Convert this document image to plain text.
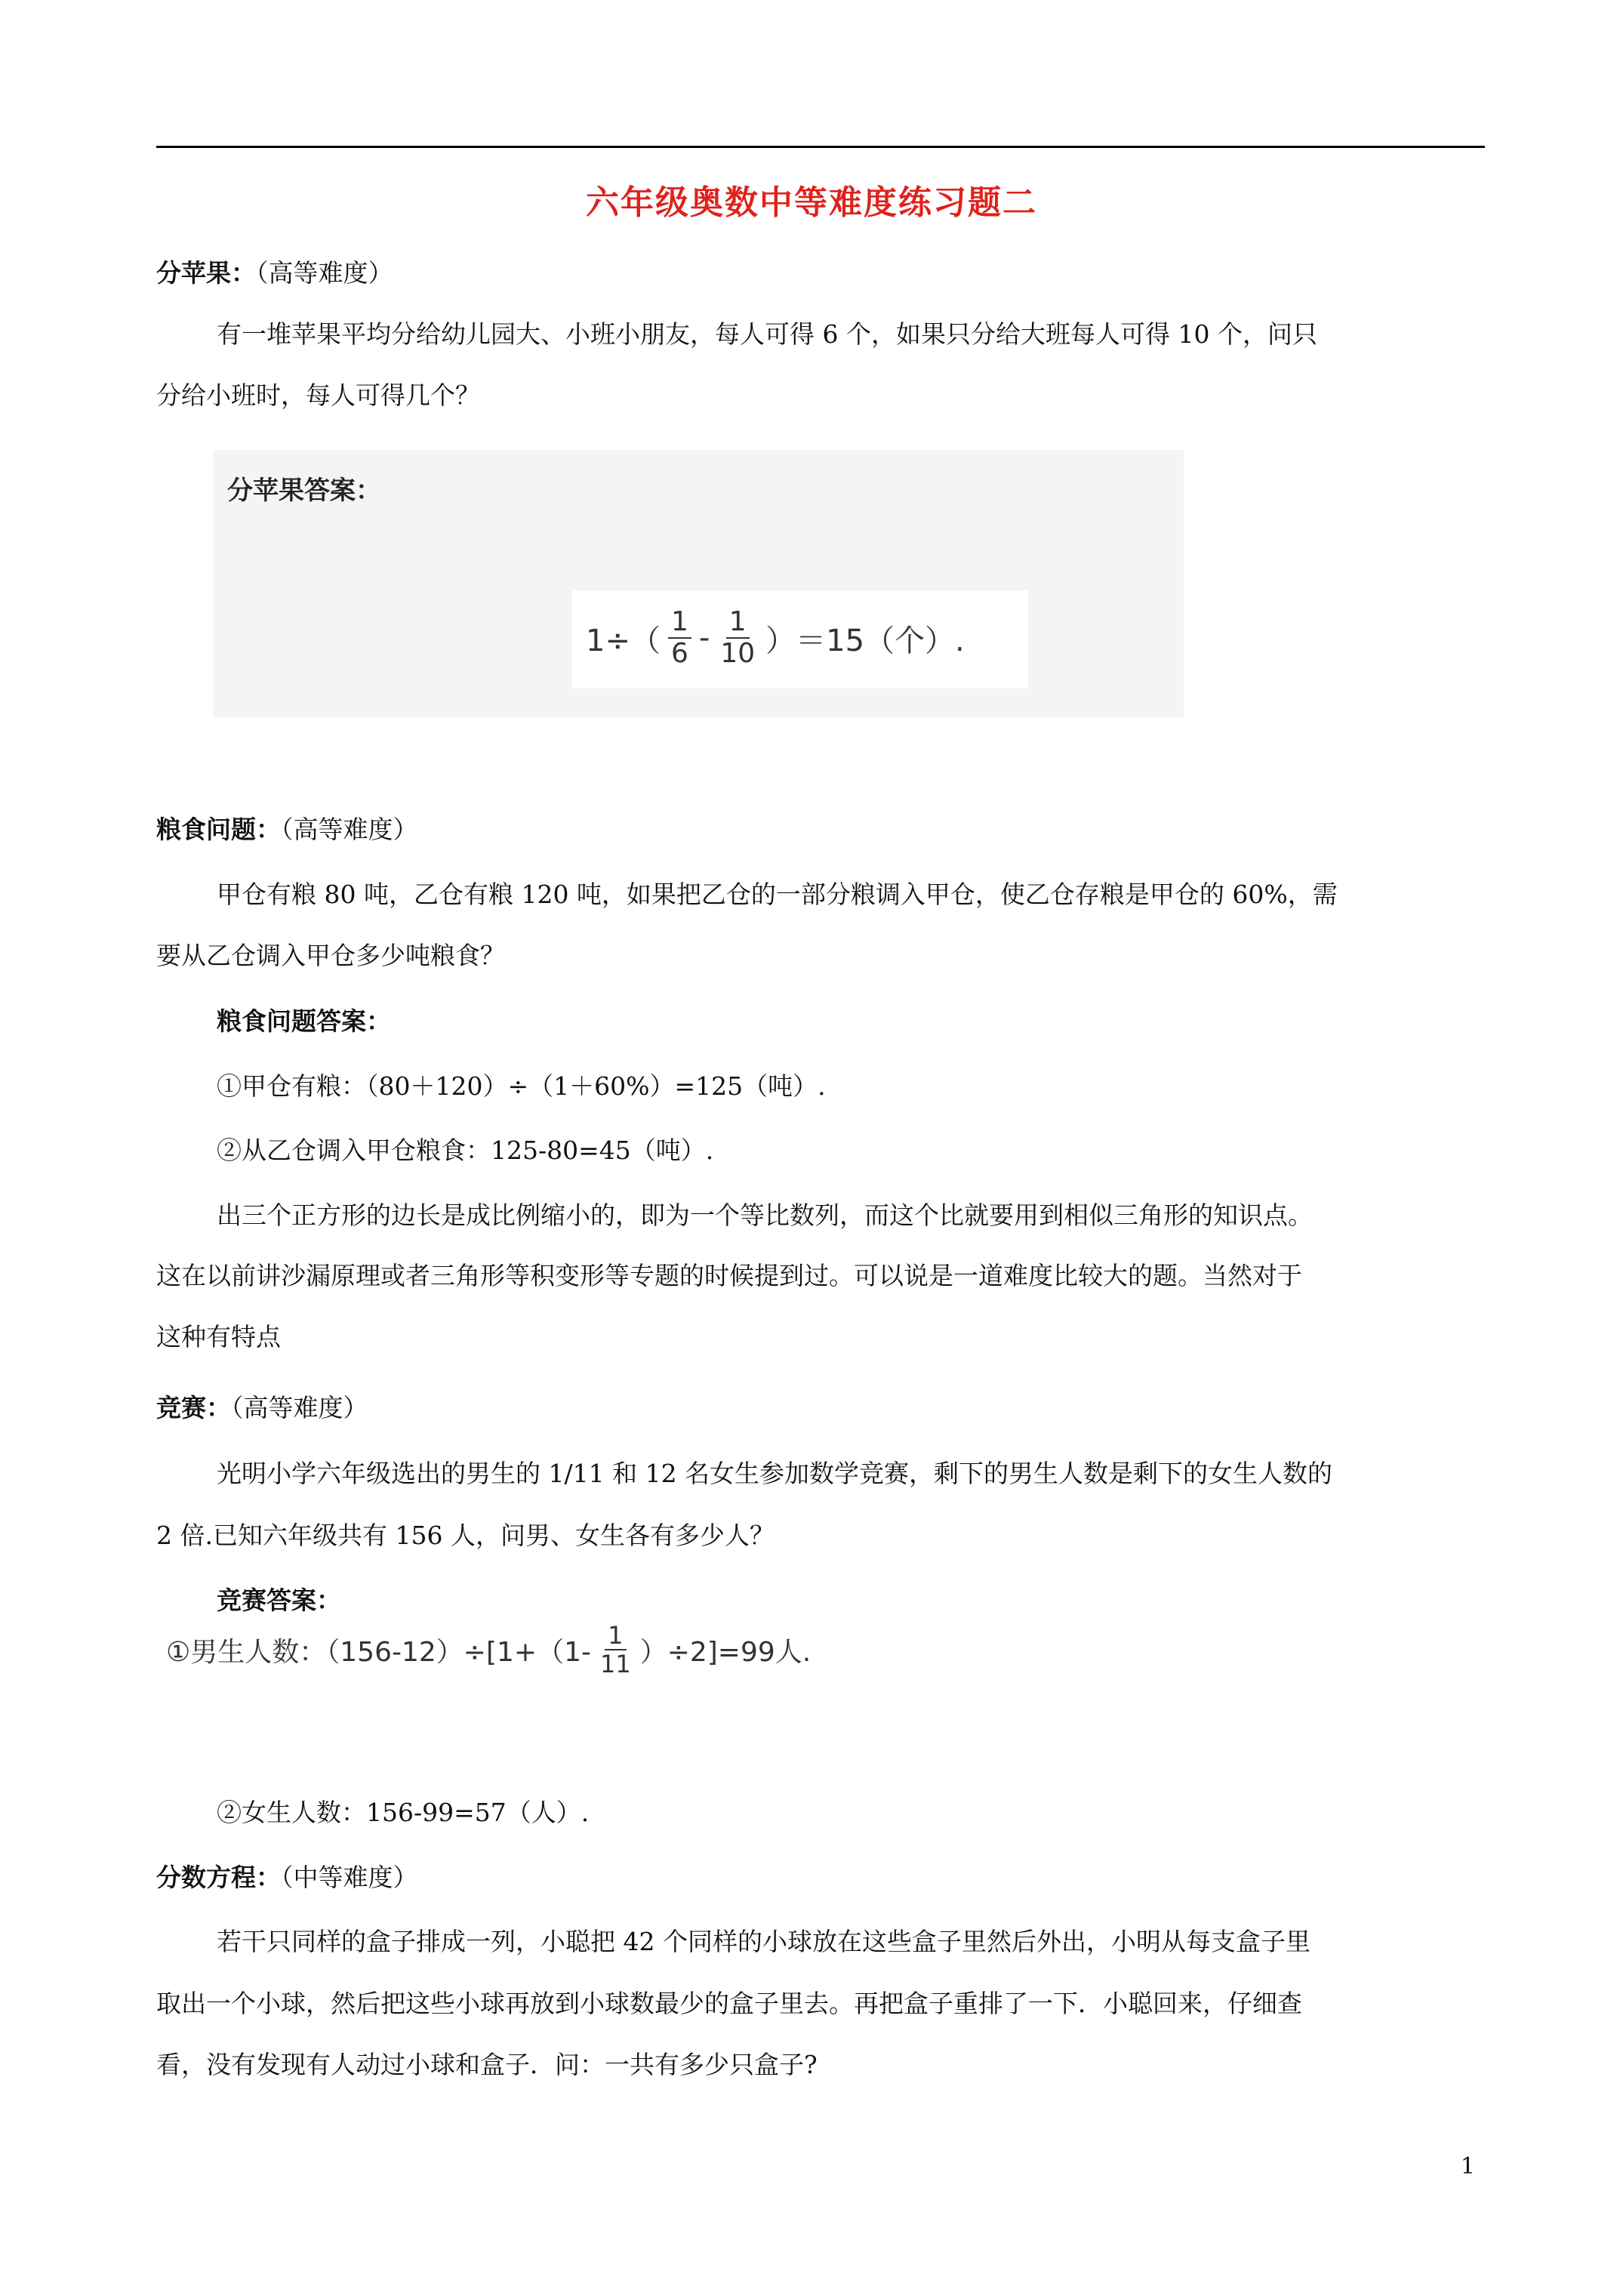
六年级奥数中等难度练习题二
分苹果：（高等难度）
有一堆苹果平均分给幼儿园大、小班小朋友，每人可得 6 个，如果只分给大班每人可得 10 个，问只
分给小班时，每人可得几个？
分苹果答案：
$1\div( \frac{1}{6} - \frac{1}{10} )=15$（个）.
粮食问题：（高等难度）
甲仓有粮 80 吨，乙仓有粮 120 吨，如果把乙仓的一部分粮调入甲仓，使乙仓存粮是甲仓的 60%，需
要从乙仓调入甲仓多少吨粮食？
粮食问题答案：
①甲仓有粮：（80＋120）÷（1＋60%）=125（吨）.
②从乙仓调入甲仓粮食：125-80=45（吨）.
出三个正方形的边长是成比例缩小的，即为一个等比数列，而这个比就要用到相似三角形的知识点。
这在以前讲沙漏原理或者三角形等积变形等专题的时候提到过。可以说是一道难度比较大的题。当然对于
这种有特点
竞赛：（高等难度）
光明小学六年级选出的男生的 1/11 和 12 名女生参加数学竞赛，剩下的男生人数是剩下的女生人数的
2 倍.已知六年级共有 156 人，问男、女生各有多少人？
竞赛答案：
①男生人数：$(156-12)\div[1+(1- \frac{1}{11} )\div 2]=99$人.
②女生人数：156-99=57（人）.
分数方程：（中等难度）
若干只同样的盒子排成一列，小聪把 42 个同样的小球放在这些盒子里然后外出，小明从每支盒子里
取出一个小球，然后把这些小球再放到小球数最少的盒子里去。再把盒子重排了一下．小聪回来，仔细查
看，没有发现有人动过小球和盒子．问：一共有多少只盒子?
1
